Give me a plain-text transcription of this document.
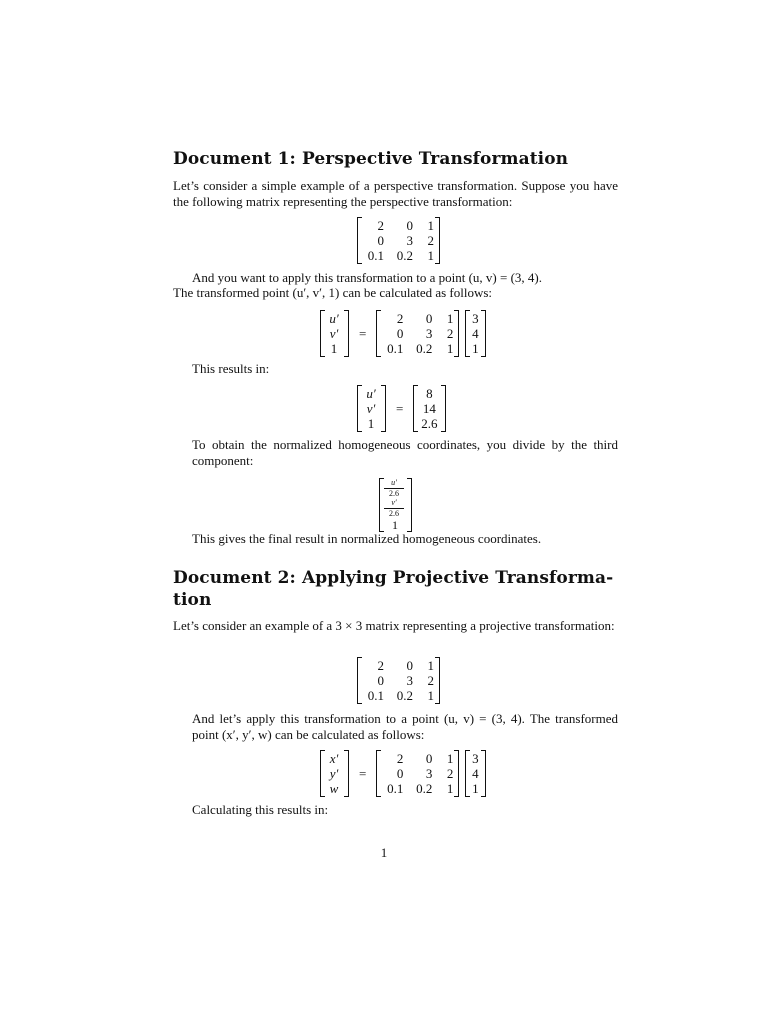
Document 1: Perspective Transformation
Let’s consider a simple example of a perspective transformation. Suppose you have the following matrix representing the perspective transformation:
2	0 1
0	3 2
0.1 0.2 1
And you want to apply this transformation to a point (u, v) = (3, 4).
The transformed point (u′, v′, 1) can be calculated as follows:
u′
v′
1
=
2	0 1
0	3 2
0.1 0.2 1
3
4
1
This results in:
u′
v′
1
=
8
14
2.6
To obtain the normalized homogeneous coordinates, you divide by the third component:
$\frac{u'}{2.6}$
$\frac{v'}{2.6}$
1
This gives the final result in normalized homogeneous coordinates.
Document 2: Applying Projective Transforma-
tion
Let’s consider an example of a 3 × 3 matrix representing a projective transformation:
2	0 1
0	3 2
0.1 0.2 1
And let’s apply this transformation to a point (u, v) = (3, 4). The transformed point (x′, y′, w) can be calculated as follows:
x′
y′
w
=
2	0 1
0	3 2
0.1 0.2 1
3
4
1
Calculating this results in:
1
